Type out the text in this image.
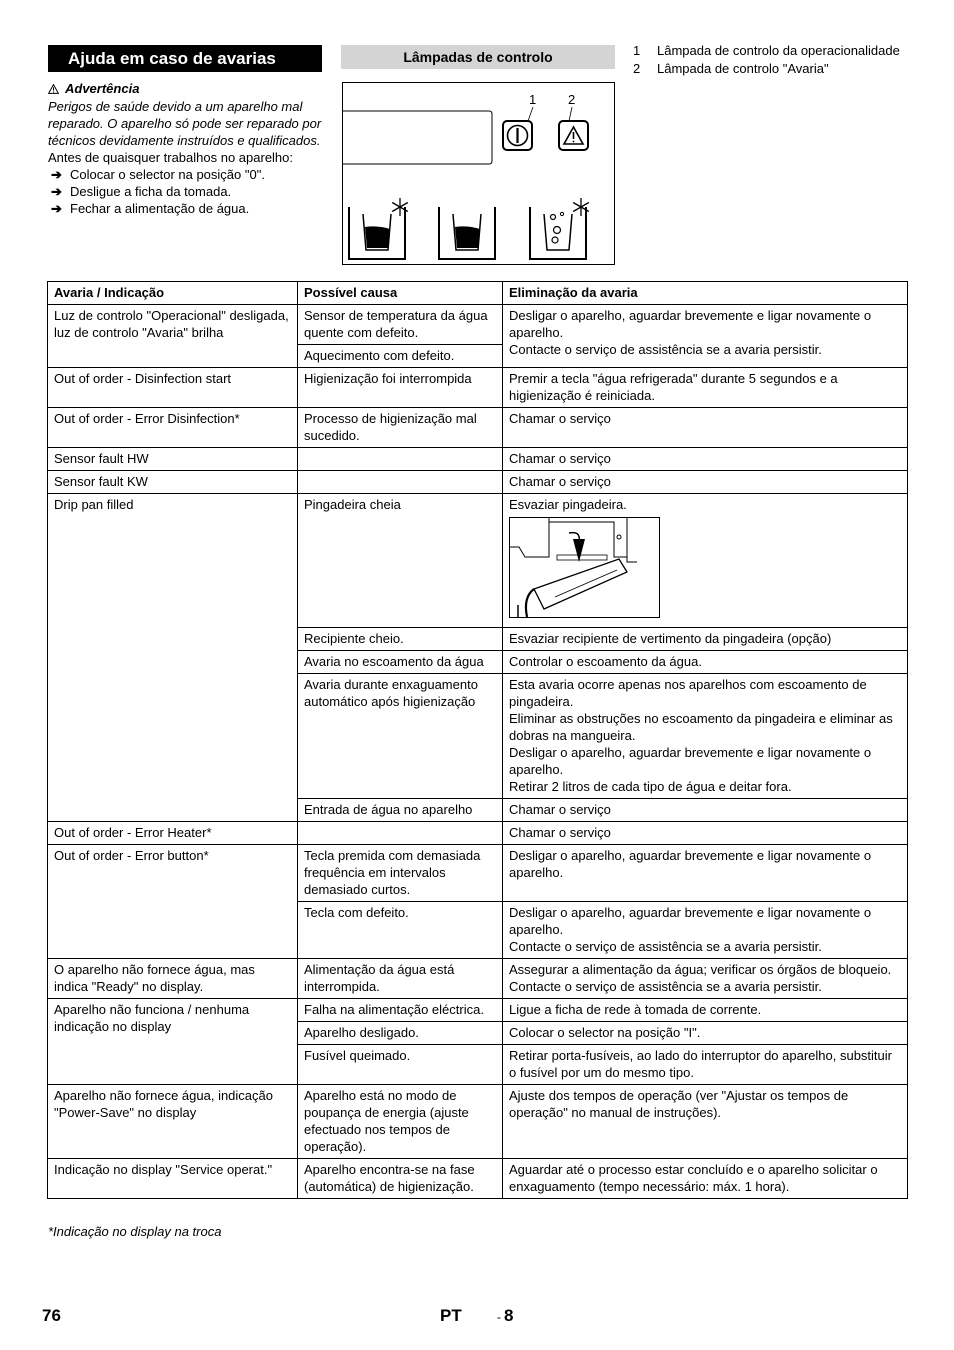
Ajuda em caso de avarias	Lâmpadas de controlo
Advertência
Perigos de saúde devido a um aparelho mal reparado. O aparelho só pode ser reparado por técnicos devidamente instruídos e qualificados.
Antes de quaisquer trabalhos no aparelho:
➔ Colocar o selector na posição "0".
➔ Desligue a ficha da tomada.
➔ Fechar a alimentação de água.
1 2
1 Lâmpada de controlo da operacionalidade
2 Lâmpada de controlo "Avaria"
Avaria / Indicação	Possível causa	Eliminação da avaria
Luz de controlo "Operacional" desligada, luz de controlo "Avaria" brilha	Sensor de temperatura da água quente com defeito.	Desligar o aparelho, aguardar brevemente e ligar novamente o aparelho.
Contacte o serviço de assistência se a avaria persistir.

	Aquecimento com defeito.	
Out of order - Disinfection start	Higienização foi interrompida	Premir a tecla "água refrigerada" durante 5 segundos e a higienização é reiniciada.
Out of order - Error Disinfection*	Processo de higienização mal sucedido.	Chamar o serviço
Sensor fault HW		Chamar o serviço
Sensor fault KW		Chamar o serviço
Drip pan filled	Pingadeira cheia	Esvaziar pingadeira.

	Recipiente cheio.	Esvaziar recipiente de vertimento da pingadeira (opção)
	Avaria no escoamento da água	Controlar o escoamento da água.
	Avaria durante enxaguamento automático após higienização	Esta avaria ocorre apenas nos aparelhos com escoamento de pingadeira.
Eliminar as obstruções no escoamento da pingadeira e eliminar as dobras na mangueira.
Desligar o aparelho, aguardar brevemente e ligar novamente o aparelho.
Retirar 2 litros de cada tipo de água e deitar fora.

	Entrada de água no aparelho	Chamar o serviço
Out of order - Error Heater*		Chamar o serviço
Out of order - Error button*	Tecla premida com demasiada frequência em intervalos demasiado curtos.	Desligar o aparelho, aguardar brevemente e ligar novamente o aparelho.
	Tecla com defeito.	Desligar o aparelho, aguardar brevemente e ligar novamente o aparelho.
Contacte o serviço de assistência se a avaria persistir.

O aparelho não fornece água, mas indica "Ready" no display.	Alimentação da água está interrompida.	Assegurar a alimentação da água; verificar os órgãos de bloqueio.
Contacte o serviço de assistência se a avaria persistir.

Aparelho não funciona / nenhuma indicação no display	Falha na alimentação eléctrica.	Ligue a ficha de rede à tomada de corrente.
	Aparelho desligado.	Colocar o selector na posição "I".
	Fusível queimado.	Retirar porta-fusíveis, ao lado do interruptor do aparelho, substituir o fusível por um do mesmo tipo.
Aparelho não fornece água, indicação "Power-Save" no display	Aparelho está no modo de poupança de energia (ajuste efectuado nos tempos de operação).	Ajuste dos tempos de operação (ver "Ajustar os tempos de operação" no manual de instruções).
Indicação no display "Service operat."	Aparelho encontra-se na fase (automática) de higienização.	Aguardar até o processo estar concluído e o aparelho solicitar o enxaguamento (tempo necessário: máx. 1 hora).
*Indicação no display na troca
76	PT	- 8
